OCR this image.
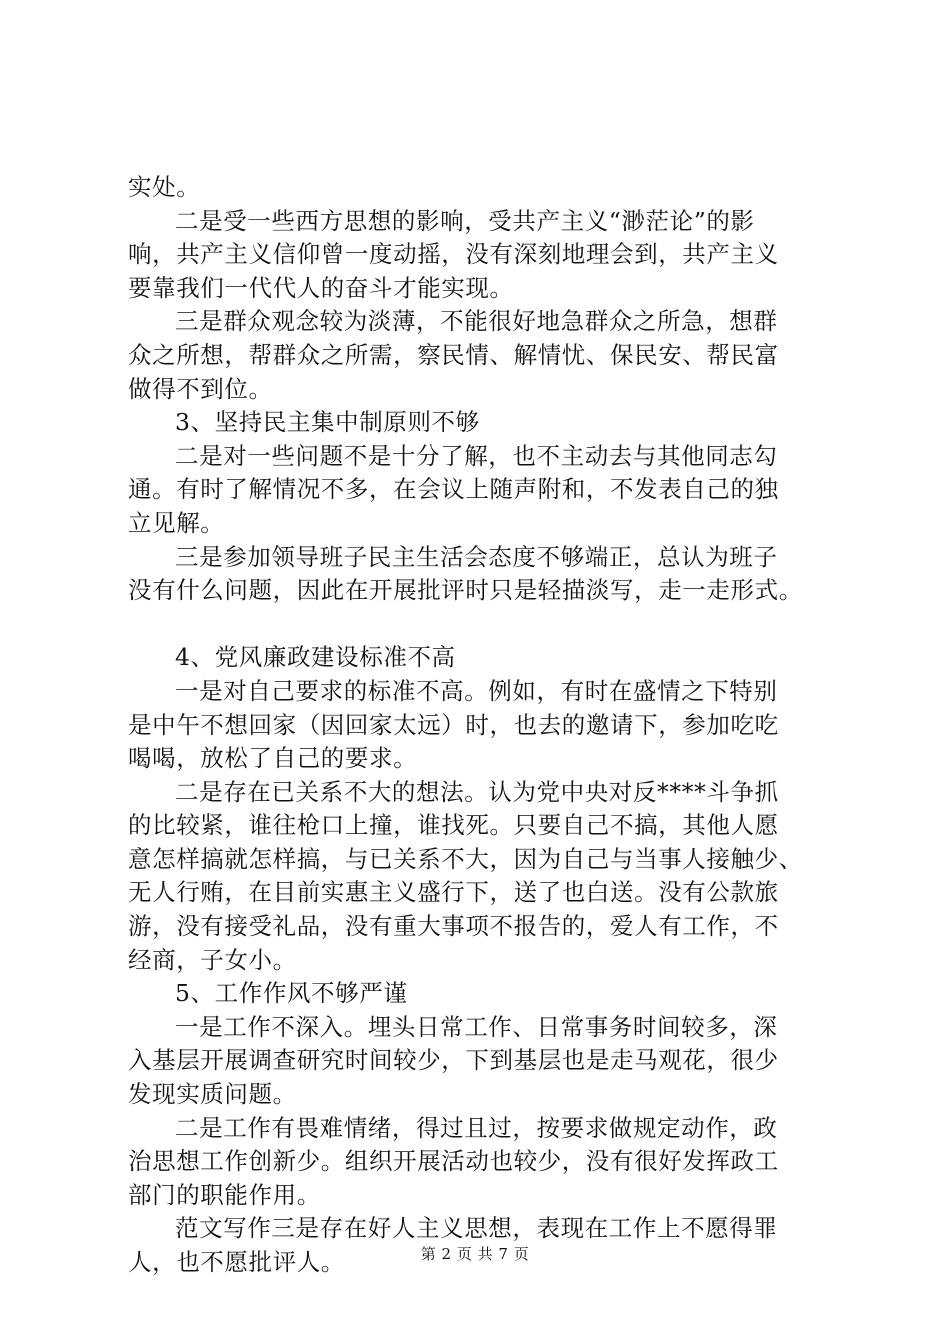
实处。
二是受一些西方思想的影响，受共产主义“渺茫论”的影
响，共产主义信仰曾一度动摇，没有深刻地理会到，共产主义
要靠我们一代代人的奋斗才能实现。
三是群众观念较为淡薄，不能很好地急群众之所急，想群
众之所想，帮群众之所需，察民情、解情忧、保民安、帮民富
做得不到位。
3、坚持民主集中制原则不够
二是对一些问题不是十分了解，也不主动去与其他同志勾
通。有时了解情况不多，在会议上随声附和，不发表自己的独
立见解。
三是参加领导班子民主生活会态度不够端正，总认为班子
没有什么问题，因此在开展批评时只是轻描淡写，走一走形式。
4、党风廉政建设标准不高
一是对自己要求的标准不高。例如，有时在盛情之下特别
是中午不想回家（因回家太远）时，也去的邀请下，参加吃吃
喝喝，放松了自己的要求。
二是存在已关系不大的想法。认为党中央对反****斗争抓
的比较紧，谁往枪口上撞，谁找死。只要自己不搞，其他人愿
意怎样搞就怎样搞，与已关系不大，因为自己与当事人接触少、
无人行贿，在目前实惠主义盛行下，送了也白送。没有公款旅
游，没有接受礼品，没有重大事项不报告的，爱人有工作，不
经商，子女小。
5、工作作风不够严谨
一是工作不深入。埋头日常工作、日常事务时间较多，深
入基层开展调查研究时间较少，下到基层也是走马观花，很少
发现实质问题。
二是工作有畏难情绪，得过且过，按要求做规定动作，政
治思想工作创新少。组织开展活动也较少，没有很好发挥政工
部门的职能作用。
范文写作三是存在好人主义思想，表现在工作上不愿得罪
人，也不愿批评人。	第 2 页 共 7 页
